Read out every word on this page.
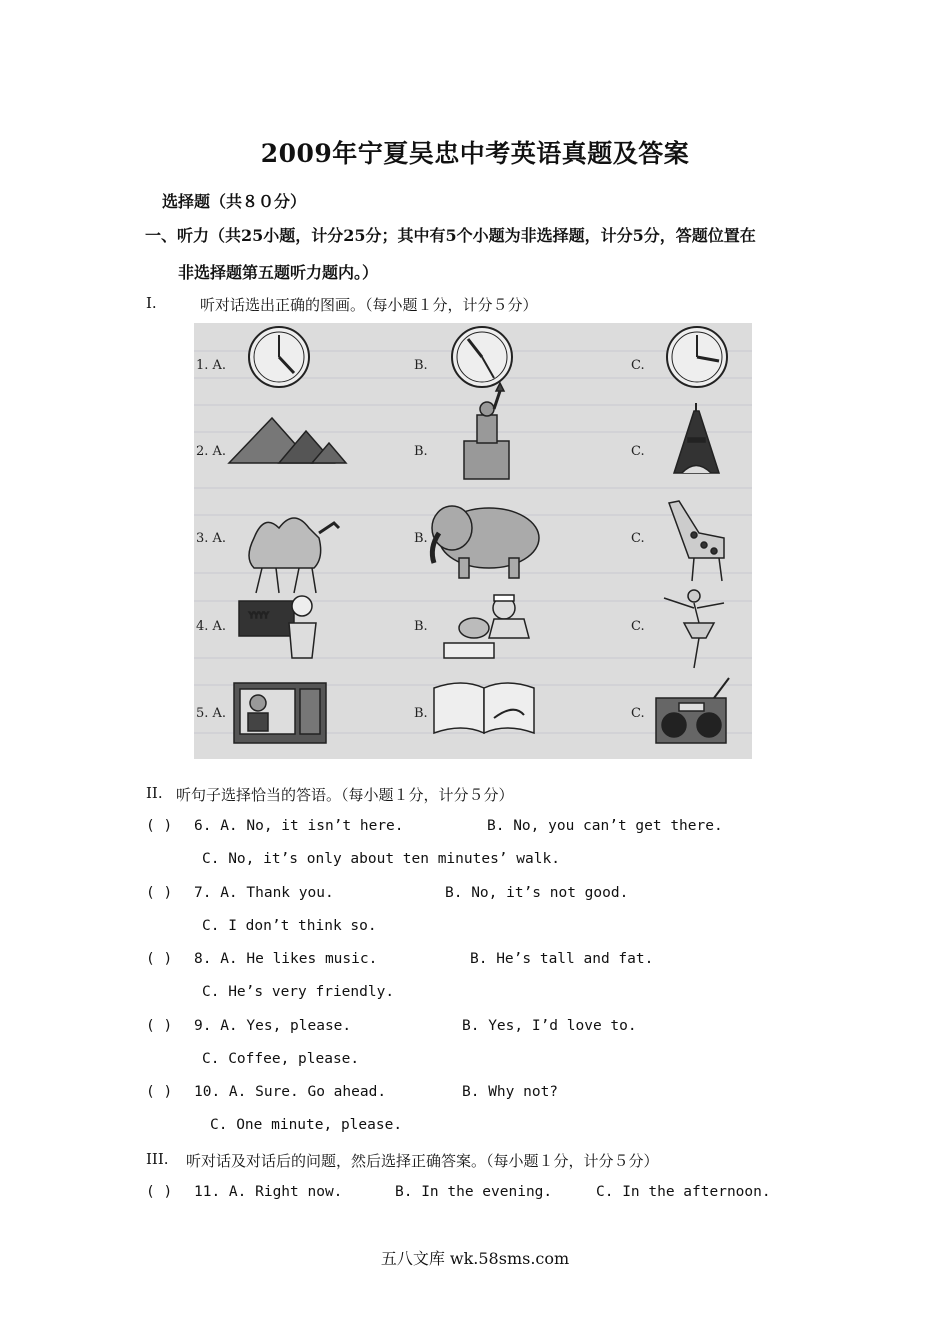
2009年宁夏吴忠中考英语真题及答案
选择题（共８０分）
一、听力（共25小题，计分25分；其中有5个小题为非选择题，计分5分，答题位置在
非选择题第五题听力题内。）
I.	听对话选出正确的图画。（每小题１分，计分５分）
1. A.	B.	C.
2. A.	B.	C.
3. A.	B.	C.
4. A.	B.	C.
5. A.	B.	C.
YYYY
II. 听句子选择恰当的答语。（每小题１分，计分５分）
( ) 6. A. No, it isn’t here.	B. No, you can’t get there.
C. No, it’s only about ten minutes’ walk.
( ) 7. A. Thank you.	B. No, it’s not good.
C. I don’t think so.
( ) 8. A. He likes music.	B. He’s tall and fat.
C. He’s very friendly.
( ) 9. A. Yes, please.	B. Yes, I’d love to.
C. Coffee, please.
( ) 10. A. Sure. Go ahead.	B. Why not?
C. One minute, please.
III. 听对话及对话后的问题，然后选择正确答案。（每小题１分，计分５分）
( ) 11. A. Right now.	B. In the evening.	C. In the afternoon.
五八文库 wk.58sms.com
